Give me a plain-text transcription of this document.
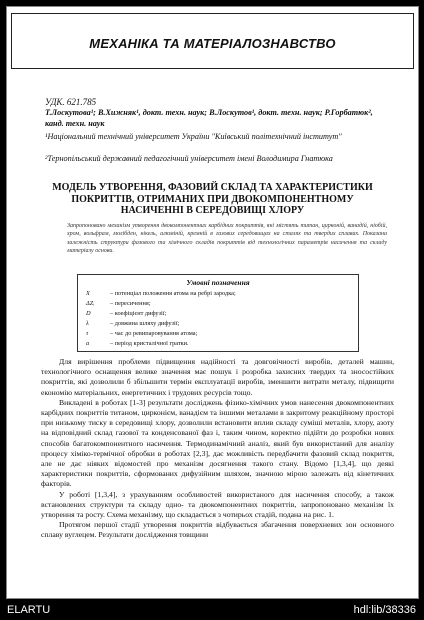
МЕХАНІКА ТА МАТЕРІАЛОЗНАВСТВО
УДК. 621.785
Т.Лоскутова¹; В.Хижняк¹, докт. техн. наук; В.Лоскутов¹, докт. техн. наук; Р.Горбатюк², канд. техн. наук
¹Національний технічний університет України "Київський політехнічний інститут"
²Тернопільський державний педагогічний університет імені Володимира Гнатюка
МОДЕЛЬ УТВОРЕННЯ, ФАЗОВИЙ СКЛАД ТА ХАРАКТЕРИСТИКИ
ПОКРИТТІВ, ОТРИМАНИХ ПРИ ДВОКОМПОНЕНТНОМУ
НАСИЧЕННІ В СЕРЕДОВИЩІ ХЛОРУ
Запропоновано механізм утворення двокомпонентних карбідних покриттів, які містять титан, цирконій, ванадій, ніобій, хром, вольфрам, молібден, нікель, алюміній, кремній в газових середовищах на сталях та твердих сплавах. Показана залежність структури фазового та хімічного складів покриттів від технологічних параметрів насичення та складу матеріалу основи.
Умовні позначення
X	– потенціал положення атома на ребрі зародка;
ΔZᵢ	– пересичення;
D	– коефіцієнт дифузії;
λ	– довжина шляху дифузії;
τ	– час до ревипаровування атома;
a	– період кристалічної гратки.

Для вирішення проблеми підвищення надійності та довговічності виробів, деталей машин, технологічного оснащення велике значення має пошук і розробка захисних твердих та зносостійких покриттів, які дозволили б збільшити термін експлуатації виробів, зменшити витрати металу, підвищити економію матеріальних, енергетичних і трудових ресурсів тощо.

Викладені в роботах [1-3] результати досліджень фізико-хімічних умов нанесення двокомпонентних карбідних покриттів титаном, цирконієм, ванадієм та іншими металами в закритому реакційному просторі при низькому тиску в середовищі хлору, дозволили встановити вплив складу суміші металів, хлору, азоту на відповідний склад газової та конденсованої фаз і, таким чином, коректно підійти до розробки нових способів багатокомпонентного насичення. Термодинамічний аналіз, який був використаний для аналізу процесу хіміко-термічної обробки в роботах [2,3], дає можливість передбачити фазовий склад покриття, але не дає ніяких відомостей про механізм досягнення такого стану. Відомо [1,3,4], що деякі характеристики покриттів, сформованих дифузійним шляхом, значною мірою залежать від кінетичних факторів.

У роботі [1,3,4], з урахуванням особливостей використаного для насичення способу, а також встановлених структури та складу одно- та двокомпонентних покриттів, запропоновано механізм їх утворення та росту. Схема механізму, що складається з чотирьох стадій, подана на рис. 1.

Протягом першої стадії утворення покриттів відбувається збагачення поверхневих зон основного сплаву вуглецем. Результати дослідження товщини

ELARTU	hdl:lib/38336
